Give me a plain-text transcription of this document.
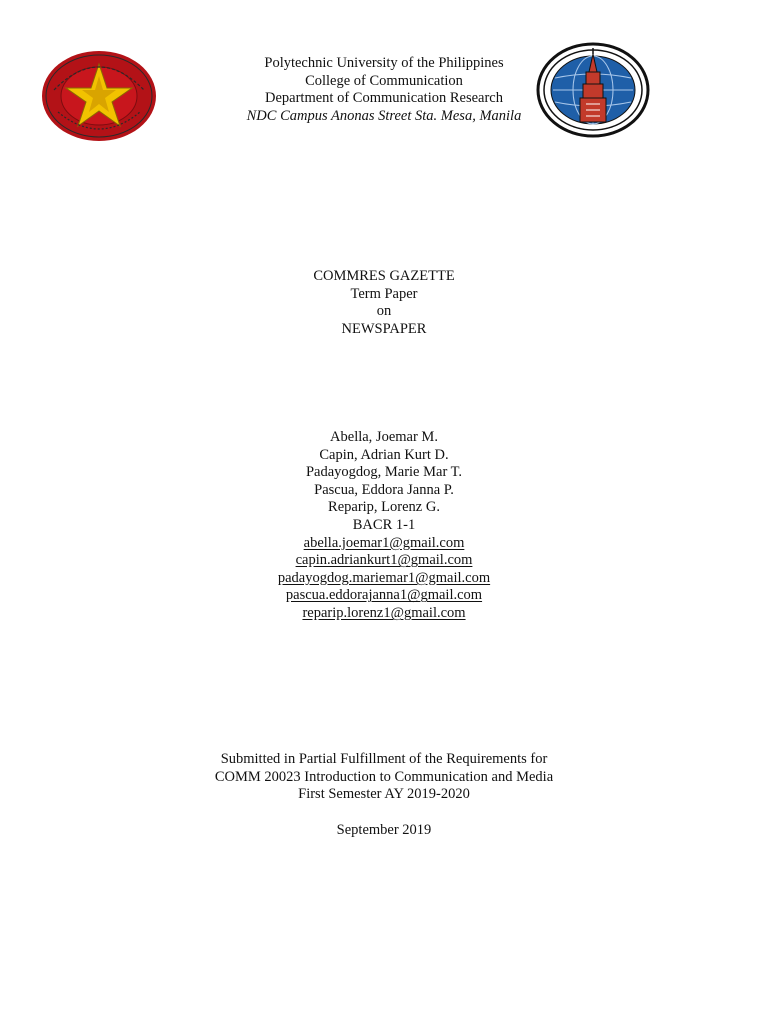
Polytechnic University of the Philippines
College of Communication
Department of Communication Research
NDC Campus Anonas Street Sta. Mesa, Manila
COMMRES GAZETTE
Term Paper
on
NEWSPAPER
Abella, Joemar M.
Capin, Adrian Kurt D.
Padayogdog, Marie Mar T.
Pascua, Eddora Janna P.
Reparip, Lorenz G.
BACR 1-1
abella.joemar1@gmail.com
capin.adriankurt1@gmail.com
padayogdog.mariemar1@gmail.com
pascua.eddorajanna1@gmail.com
reparip.lorenz1@gmail.com
Submitted in Partial Fulfillment of the Requirements for
COMM 20023 Introduction to Communication and Media
First Semester AY 2019-2020
September 2019
